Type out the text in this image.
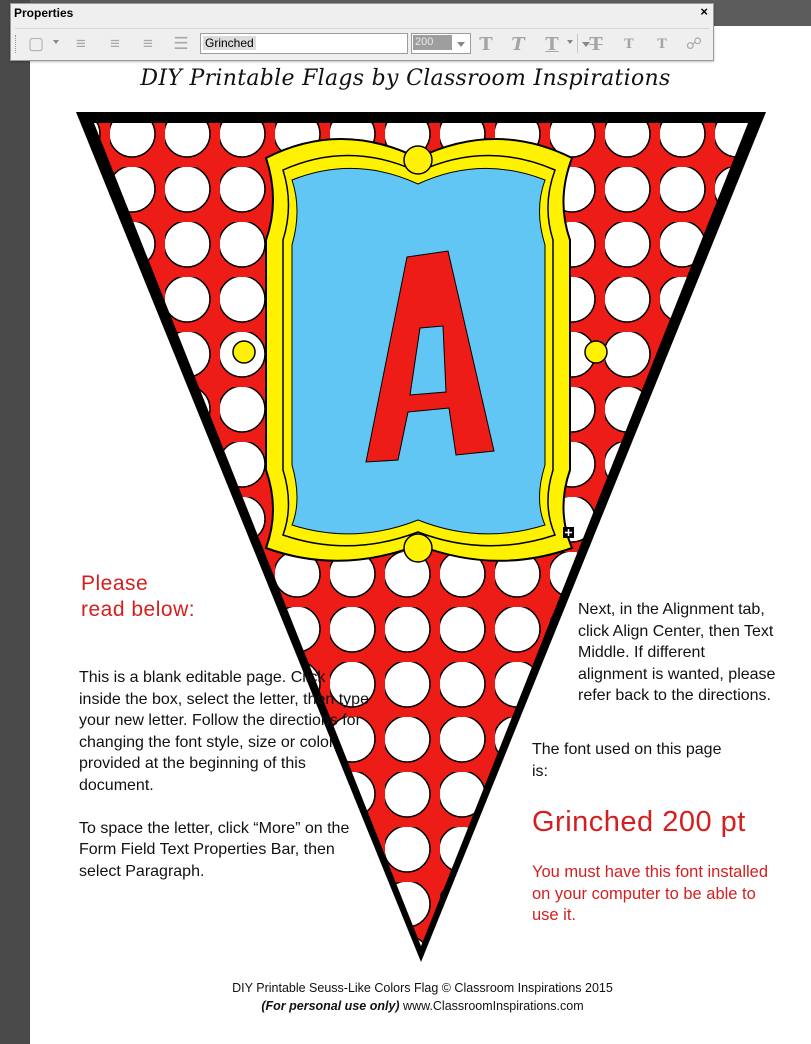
Properties	×
▢	≡	≡	≡	☰ Grinched	200	T T T T	T	T	☍
DIY Printable Flags by Classroom Inspirations
Please
read below:

This is a blank editable page. Click inside the box, select the letter, then type your new letter. Follow the directions for changing the font style, size or color provided at the beginning of this document.

To space the letter, click “More” on the Form Field Text Properties Bar, then select Paragraph.

Next, in the Alignment tab, click Align Center, then Text Middle. If different alignment is wanted, please refer back to the directions.
The font used on this page is:
Grinched 200 pt
You must have this font installed on your computer to be able to use it.
DIY Printable Seuss-Like Colors Flag © Classroom Inspirations 2015
(For personal use only) www.ClassroomInspirations.com
